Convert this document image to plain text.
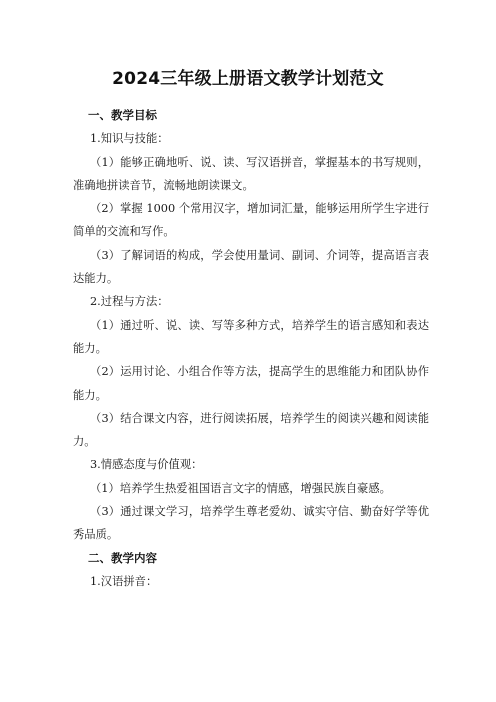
2024三年级上册语文教学计划范文
一、教学目标
1.知识与技能：

（1）能够正确地听、说、读、写汉语拼音，掌握基本的书写规则，准确地拼读音节，流畅地朗读课文。

（2）掌握 1000 个常用汉字，增加词汇量，能够运用所学生字进行简单的交流和写作。

（3）了解词语的构成，学会使用量词、副词、介词等，提高语言表达能力。

2.过程与方法：

（1）通过听、说、读、写等多种方式，培养学生的语言感知和表达能力。

（2）运用讨论、小组合作等方法，提高学生的思维能力和团队协作能力。

（3）结合课文内容，进行阅读拓展，培养学生的阅读兴趣和阅读能力。

3.情感态度与价值观：

（1）培养学生热爱祖国语言文字的情感，增强民族自豪感。

（3）通过课文学习，培养学生尊老爱幼、诚实守信、勤奋好学等优秀品质。

二、教学内容
1.汉语拼音：
